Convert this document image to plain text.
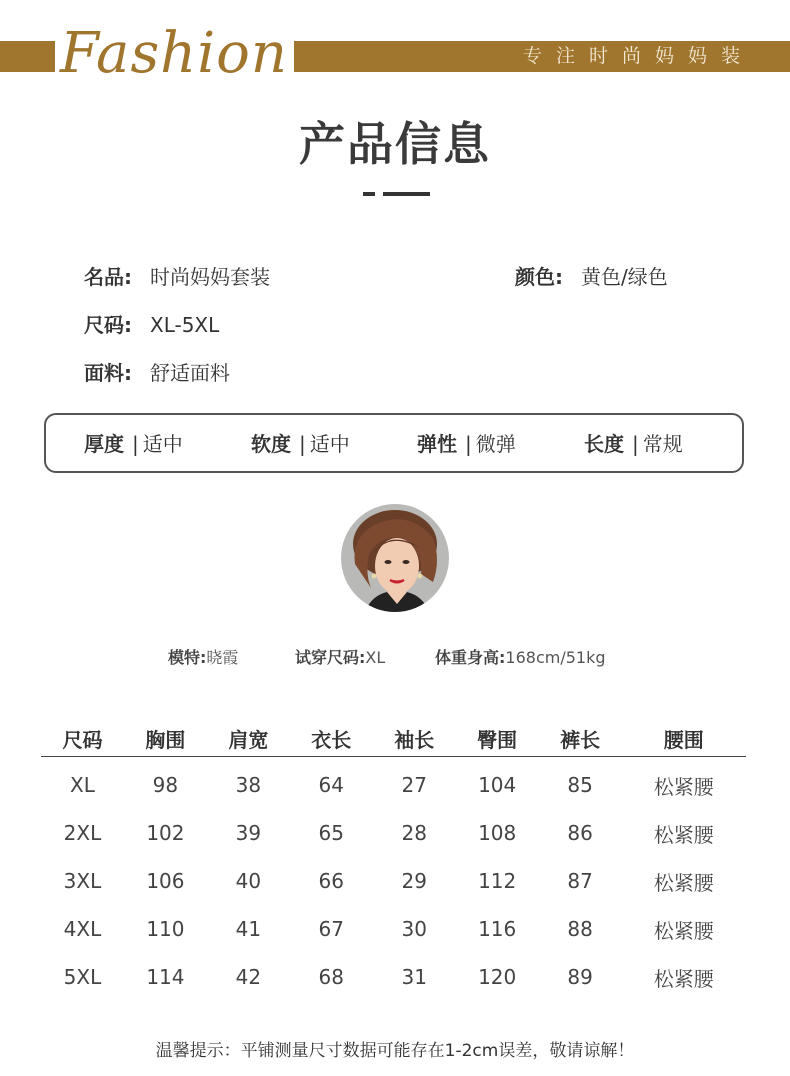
Fashion	专注时尚妈妈装
产品信息
名品: 时尚妈妈套装	颜色: 黄色/绿色
尺码: XL-5XL
面料: 舒适面料
厚度 | 适中	软度 | 适中	弹性 | 微弹	长度 | 常规
模特:晓霞	试穿尺码:XL	体重身高:168cm/51kg
尺码	胸围	肩宽	衣长	袖长	臀围	裤长	腰围
XL	98	38	64	27	104	85	松紧腰
2XL	102	39	65	28	108	86	松紧腰
3XL	106	40	66	29	112	87	松紧腰
4XL	110	41	67	30	116	88	松紧腰
5XL	114	42	68	31	120	89	松紧腰
温馨提示：平铺测量尺寸数据可能存在1-2cm误差，敬请谅解！
